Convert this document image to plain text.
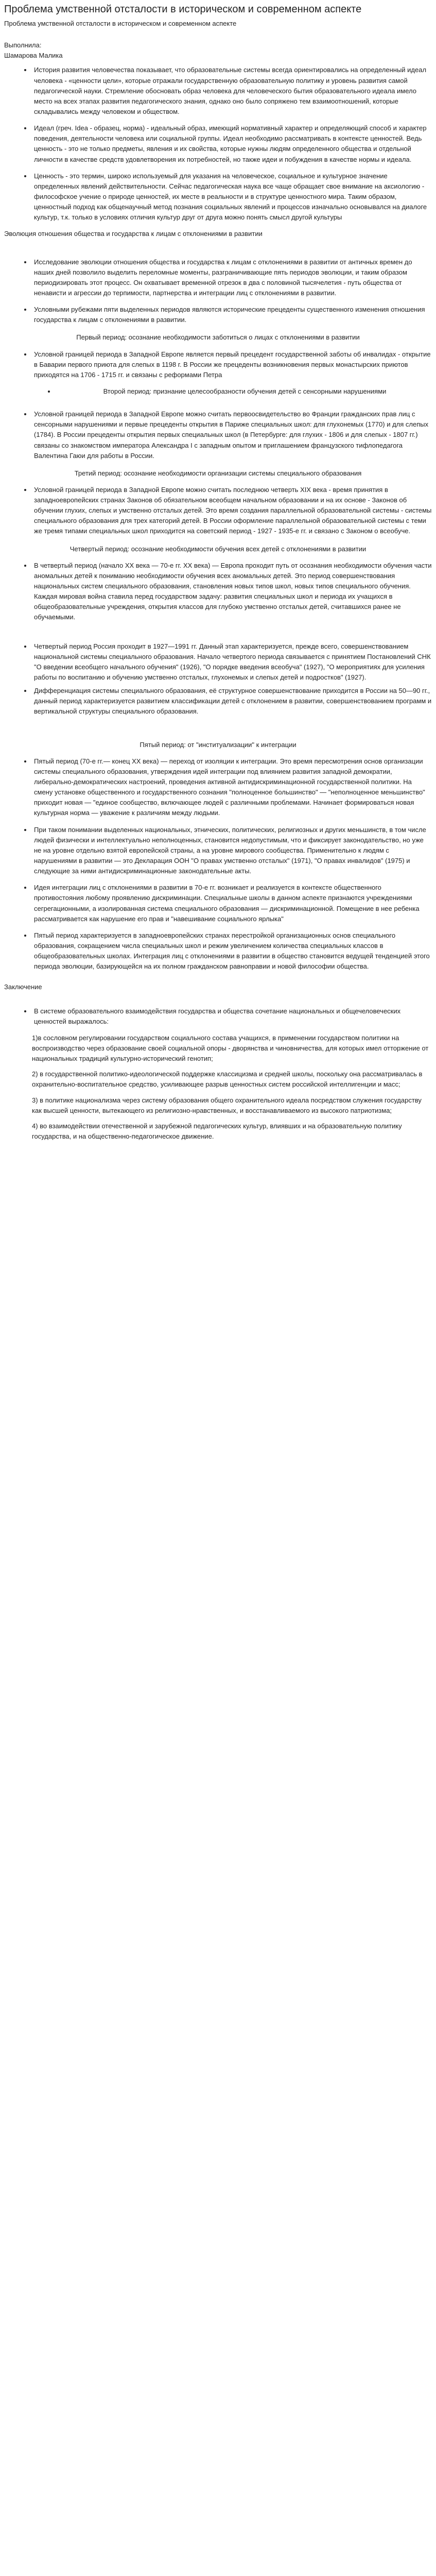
Проблема умственной отсталости в историческом и современном аспекте

Проблема умственной отсталости в историческом и современном аспекте

Выполнила:

Шамарова Малика

• История развития человечества показывает, что образовательные системы всегда ориентировались на определенный идеал человека - «ценности цели», которые отражали государственную образовательную политику и уровень развития самой педагогической науки. Стремление обосновать образ человека для человеческого бытия образовательного идеала имело место на всех этапах развития педагогического знания, однако оно было сопряжено тем взаимоотношений, которые складывались между человеком и обществом.
• Идеал (греч. Idea - образец, норма) - идеальный образ, имеющий нормативный характер и определяющий способ и характер поведения, деятельности человека или социальной группы. Идеал необходимо рассматривать в контексте ценностей. Ведь ценность - это не только предметы, явления и их свойства, которые нужны людям определенного общества и отдельной личности в качестве средств удовлетворения их потребностей, но также идеи и побуждения в качестве нормы и идеала.
• Ценность - это термин, широко используемый для указания на человеческое, социальное и культурное значение определенных явлений действительности. Сейчас педагогическая наука все чаще обращает свое внимание на аксиологию - философское учение о природе ценностей, их месте в реальности и в структуре ценностного мира. Таким образом, ценностный подход как общенаучный метод познания социальных явлений и процессов изначально основывался на диалоге культур, т.к. только в условиях отличия культур друг от друга можно понять смысл другой культуры

Эволюция отношения общества и государства к лицам с отклонениями в развитии

• Исследование эволюции отношения общества и государства к лицам с отклонениями в развитии от античных времен до наших дней позволило выделить переломные моменты, разграничивающие пять периодов эволюции, и таким образом периодизировать этот процесс. Он охватывает временной отрезок в два с половиной тысячелетия - путь общества от ненависти и агрессии до терпимости, партнерства и интеграции лиц с отклонениями в развитии.
• Условными рубежами пяти выделенных периодов являются исторические прецеденты существенного изменения отношения государства к лицам с отклонениями в развитии.

Первый период: осознание необходимости заботиться о лицах с отклонениями в развитии

• Условной границей периода в Западной Европе является первый прецедент государственной заботы об инвалидах - открытие в Баварии первого приюта для слепых в 1198 г. В России же прецеденты возникновения первых монастырских приютов приходятся на 1706 - 1715 гг. и связаны с реформами Петра
• Второй период: признание целесообразности обучения детей с сенсорными нарушениями
• Условной границей периода в Западной Европе можно считать первоосвидетельство во Франции гражданских прав лиц с сенсорными нарушениями и первые прецеденты открытия в Париже специальных школ: для глухонемых (1770) и для слепых (1784). В России прецеденты открытия первых специальных школ (в Петербурге: для глухих - 1806 и для слепых - 1807 гг.) связаны со знакомством императора Александра I с западным опытом и приглашением французского тифлопедагога Валентина Гаюи для работы в России.

Третий период: осознание необходимости организации системы специального образования

• Условной границей периода в Западной Европе можно считать последнюю четверть XIX века - время принятия в западноевропейских странах Законов об обязательном всеобщем начальном образовании и на их основе - Законов об обучении глухих, слепых и умственно отсталых детей. Это время создания параллельной образовательной системы - системы специального образования для трех категорий детей. В России оформление параллельной образовательной системы с теми же тремя типами специальных школ приходится на советский период - 1927 - 1935-е гг. и связано с Законом о всеобуче.

Четвертый период: осознание необходимости обучения всех детей с отклонениями в развитии

• В четвертый период (начало XX века — 70-е гг. XX века) — Европа проходит путь от осознания необходимости обучения части аномальных детей к пониманию необходимости обучения всех аномальных детей. Это период совершенствования национальных систем специального образования, становления новых типов школ, новых типов специального обучения. Каждая мировая война ставила перед государством задачу: развития специальных школ и периода их учащихся в общеобразовательные учреждения, открытия классов для глубоко умственно отсталых детей, считавшихся ранее не обучаемыми.
• Четвертый период Россия проходит в 1927—1991 гг. Данный этап характеризуется, прежде всего, совершенствованием национальной системы специального образования. Начало четвертого периода связывается с принятием Постановлений СНК "О введении всеобщего начального обучения" (1926), "О порядке введения всеобуча" (1927), "О мероприятиях для усиления работы по воспитанию и обучению умственно отсталых, глухонемых и слепых детей и подростков" (1927).
• Дифференциация системы специального образования, её структурное совершенствование приходится в России на 50—90 гг., данный период характеризуется развитием классификации детей с отклонением в развитии, совершенствованием программ и вертикальной структуры специального образования.

Пятый период: от "институализации" к интеграции

• Пятый период (70-е гг.— конец XX века) — переход от изоляции к интеграции. Это время пересмотрения основ организации системы специального образования, утверждения идей интеграции под влиянием развития западной демократии, либерально-демократических настроений, проведения активной антидискриминационной государственной политики. На смену установке общественного и государственного сознания "полноценное большинство" — "неполноценное меньшинство" приходит новая — "единое сообщество, включающее людей с различными проблемами. Начинает формироваться новая культурная норма — уважение к различиям между людьми.
• При таком понимании выделенных национальных, этнических, политических, религиозных и других меньшинств, в том числе людей физически и интеллектуально неполноценных, становится недопустимым, что и фиксирует законодательство, но уже не на уровне отдельно взятой европейской страны, а на уровне мирового сообщества. Применительно к людям с нарушениями в развитии — это Декларация ООН "О правах умственно отсталых" (1971), "О правах инвалидов" (1975) и следующие за ними антидискриминационные законодательные акты.
• Идея интеграции лиц с отклонениями в развитии в 70-е гг. возникает и реализуется в контексте общественного противостояния любому проявлению дискриминации. Специальные школы в данном аспекте признаются учреждениями сегрегационными, а изолированная система специального образования — дискриминационной. Помещение в нее ребенка рассматривается как нарушение его прав и "навешивание социального ярлыка"
• Пятый период характеризуется в западноевропейских странах перестройкой организационных основ специального образования, сокращением числа специальных школ и режим увеличением количества специальных классов в общеобразовательных школах. Интеграция лиц с отклонениями в развитии в общество становится ведущей тенденцией этого периода эволюции, базирующейся на их полном гражданском равноправии и новой философии общества.

Заключение

• В системе образовательного взаимодействия государства и общества сочетание национальных и общечеловеческих ценностей выражалось:

1)в сословном регулировании государством социального состава учащихся, в применении государством политики на воспроизводство через образование своей социальной опоры - дворянства и чиновничества, для которых имел отторжение от национальных традиций культурно-исторический генотип;

2) в государственной политико-идеологической поддержке классицизма и средней школы, поскольку она рассматривалась в охранительно-воспитательное средство, усиливающее разрыв ценностных систем российской интеллигенции и масс;

3) в политике национализма через систему образования общего охранительного идеала посредством служения государству как высшей ценности, вытекающего из религиозно-нравственных, и восстанавливаемого из высокого патриотизма;

4) во взаимодействии отечественной и зарубежной педагогических культур, влиявших и на образовательную политику государства, и на общественно-педагогическое движение.
